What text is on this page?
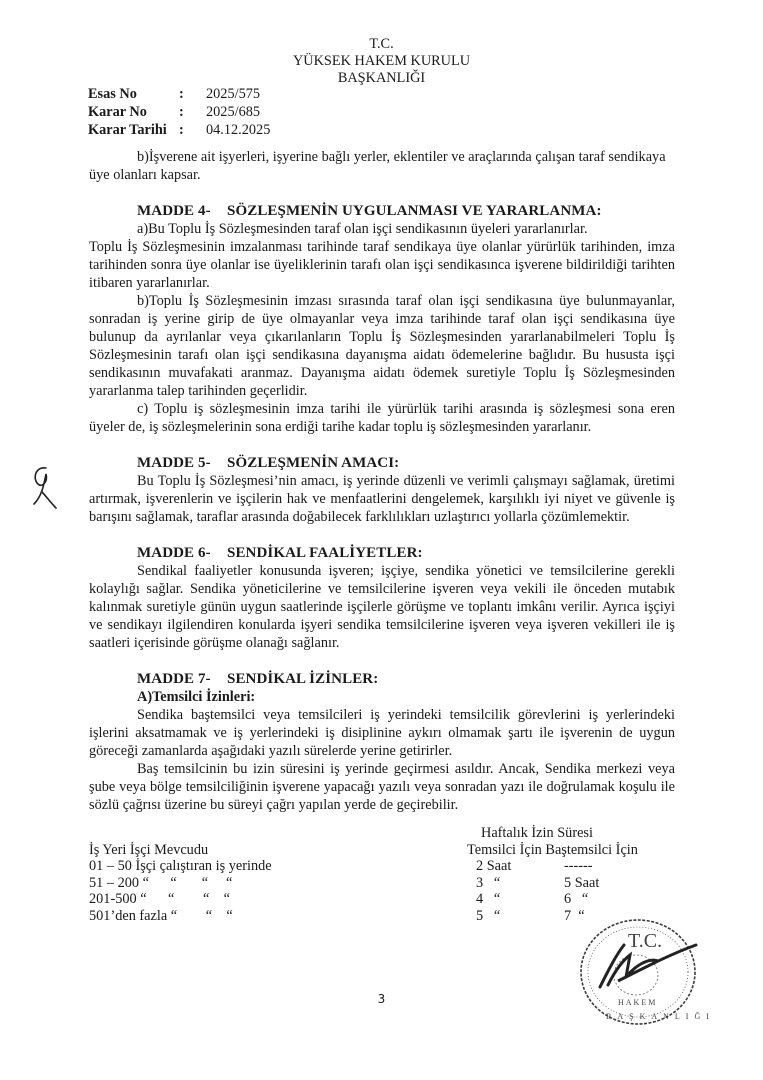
T.C.
YÜKSEK HAKEM KURULU
BAŞKANLIĞI
Esas No	:	2025/575
Karar No	:	2025/685
Karar Tarihi :	04.12.2025

b)İşverene ait işyerleri, işyerine bağlı yerler, eklentiler ve araçlarında çalışan taraf sendikaya

üye olanları kapsar.

MADDE 4- SÖZLEŞMENİN UYGULANMASI VE YARARLANMA:

a)Bu Toplu İş Sözleşmesinden taraf olan işçi sendikasının üyeleri yararlanırlar.

Toplu İş Sözleşmesinin imzalanması tarihinde taraf sendikaya üye olanlar yürürlük tarihinden, imza tarihinden sonra üye olanlar ise üyeliklerinin tarafı olan işçi sendikasınca işverene bildirildiği tarihten itibaren yararlanırlar.

b)Toplu İş Sözleşmesinin imzası sırasında taraf olan işçi sendikasına üye bulunmayanlar, sonradan iş yerine girip de üye olmayanlar veya imza tarihinde taraf olan işçi sendikasına üye bulunup da ayrılanlar veya çıkarılanların Toplu İş Sözleşmesinden yararlanabilmeleri Toplu İş Sözleşmesinin tarafı olan işçi sendikasına dayanışma aidatı ödemelerine bağlıdır. Bu hususta işçi sendikasının muvafakati aranmaz. Dayanışma aidatı ödemek suretiyle Toplu İş Sözleşmesinden yararlanma talep tarihinden geçerlidir.

c) Toplu iş sözleşmesinin imza tarihi ile yürürlük tarihi arasında iş sözleşmesi sona eren üyeler de, iş sözleşmelerinin sona erdiği tarihe kadar toplu iş sözleşmesinden yararlanır.

MADDE 5- SÖZLEŞMENİN AMACI:

Bu Toplu İş Sözleşmesi’nin amacı, iş yerinde düzenli ve verimli çalışmayı sağlamak, üretimi artırmak, işverenlerin ve işçilerin hak ve menfaatlerini dengelemek, karşılıklı iyi niyet ve güvenle iş barışını sağlamak, taraflar arasında doğabilecek farklılıkları uzlaştırıcı yollarla çözümlemektir.

MADDE 6- SENDİKAL FAALİYETLER:

Sendikal faaliyetler konusunda işveren; işçiye, sendika yönetici ve temsilcilerine gerekli kolaylığı sağlar. Sendika yöneticilerine ve temsilcilerine işveren veya vekili ile önceden mutabık kalınmak suretiyle günün uygun saatlerinde işçilerle görüşme ve toplantı imkânı verilir. Ayrıca işçiyi ve sendikayı ilgilendiren konularda işyeri sendika temsilcilerine işveren veya işveren vekilleri ile iş saatleri içerisinde görüşme olanağı sağlanır.

MADDE 7- SENDİKAL İZİNLER:
A)Temsilci İzinleri:

Sendika baştemsilci veya temsilcileri iş yerindeki temsilcilik görevlerini iş yerlerindeki işlerini aksatmamak ve iş yerlerindeki iş disiplinine aykırı olmamak şartı ile işverenin de uygun göreceği zamanlarda aşağıdaki yazılı sürelerde yerine getirirler.

Baş temsilcinin bu izin süresini iş yerinde geçirmesi asıldır. Ancak, Sendika merkezi veya şube veya bölge temsilciliğinin işverene yapacağı yazılı veya sonradan yazı ile doğrulamak koşulu ile sözlü çağrısı üzerine bu süreyi çağrı yapılan yerde de geçirebilir.

Haftalık İzin Süresi
İş Yeri İşçi Mevcudu	Temsilci İçin Baştemsilci İçin
01 – 50 İşçi çalıştıran iş yerinde	2 Saat	------
51 – 200 “      “       “     “	3   “	5 Saat
201-500 “      “        “    “	4   “	6   “
501’den fazla “        “    “	5   “	7  “
T.C.
HAKEM
BAŞKANLIĞI
3
